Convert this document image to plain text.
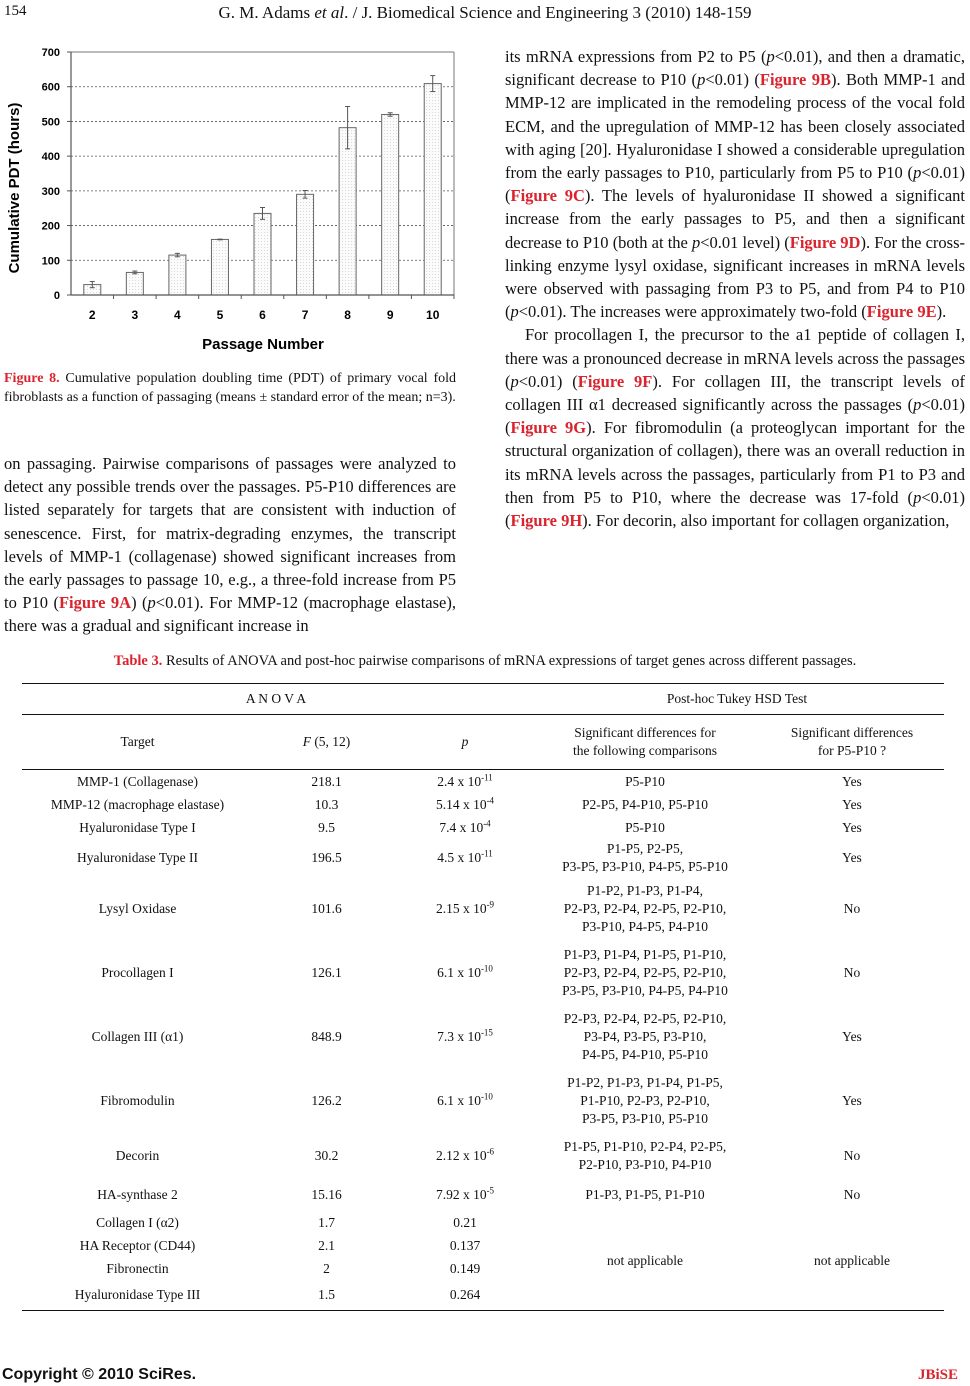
154	G. M. Adams et al. / J. Biomedical Science and Engineering 3 (2010) 148-159
0
100
200
300
400
500
600
700
2	3	4	5	6	7	8	9	10
Cumulative PDT (hours)
Passage Number
Figure 8. Cumulative population doubling time (PDT) of primary vocal fold fibroblasts as a function of passaging (means ± standard error of the mean; n=3).

on passaging. Pairwise comparisons of passages were analyzed to detect any possible trends over the passages. P5-P10 differences are listed separately for targets that are consistent with induction of senescence. First, for matrix-degrading enzymes, the transcript levels of MMP-1 (collagenase) showed significant increases from the early passages to passage 10, e.g., a three-fold increase from P5 to P10 (Figure 9A) (p<0.01). For MMP-12 (macrophage elastase), there was a gradual and significant increase in

its mRNA expressions from P2 to P5 (p<0.01), and then a dramatic, significant decrease to P10 (p<0.01) (Figure 9B). Both MMP-1 and MMP-12 are implicated in the remodeling process of the vocal fold ECM, and the upregulation of MMP-12 has been closely associated with aging [20]. Hyaluronidase I showed a considerable upregulation from the early passages to P10, particularly from P5 to P10 (p<0.01) (Figure 9C). The levels of hyaluronidase II showed a significant increase from the early passages to P5, and then a significant decrease to P10 (both at the p<0.01 level) (Figure 9D). For the cross-linking enzyme lysyl oxidase, significant increases in mRNA levels were observed with passaging from P3 to P5, and from P4 to P10 (p<0.01). The increases were approximately two-fold (Figure 9E).

For procollagen I, the precursor to the a1 peptide of collagen I, there was a pronounced decrease in mRNA levels across the passages (p<0.01) (Figure 9F). For collagen III, the transcript levels of collagen III α1 decreased significantly across the passages (p<0.01) (Figure 9G). For fibromodulin (a proteoglycan important for the structural organization of collagen), there was an overall reduction in its mRNA levels across the passages, particularly from P1 to P3 and then from P5 to P10, where the decrease was 17-fold (p<0.01) (Figure 9H). For decorin, also important for collagen organization,

Table 3. Results of ANOVA and post-hoc pairwise comparisons of mRNA expressions of target genes across different passages.
A N O V A			Post-hoc Tukey HSD Test	
Target	F (5, 12)	p	Significant differences for
the following comparisons	Significant differences
for P5-P10 ?
MMP-1 (Collagenase)	218.1	2.4 x $10^{-11}$	P5-P10	Yes
MMP-12 (macrophage elastase)	10.3	5.14 x $10^{-4}$	P2-P5, P4-P10, P5-P10	Yes
Hyaluronidase Type I	9.5	7.4 x $10^{-4}$	P5-P10	Yes
Hyaluronidase Type II	196.5	4.5 x $10^{-11}$	P1-P5, P2-P5,
P3-P5, P3-P10, P4-P5, P5-P10	Yes
Lysyl Oxidase	101.6	2.15 x $10^{-9}$	P1-P2, P1-P3, P1-P4,
P2-P3, P2-P4, P2-P5, P2-P10,
P3-P10, P4-P5, P4-P10	No
Procollagen I	126.1	6.1 x $10^{-10}$	P1-P3, P1-P4, P1-P5, P1-P10,
P2-P3, P2-P4, P2-P5, P2-P10,
P3-P5, P3-P10, P4-P5, P4-P10	No
Collagen III (α1)	848.9	7.3 x $10^{-15}$	P2-P3, P2-P4, P2-P5, P2-P10,
P3-P4, P3-P5, P3-P10,
P4-P5, P4-P10, P5-P10	Yes
Fibromodulin	126.2	6.1 x $10^{-10}$	P1-P2, P1-P3, P1-P4, P1-P5,
P1-P10, P2-P3, P2-P10,
P3-P5, P3-P10, P5-P10	Yes
Decorin	30.2	2.12 x $10^{-6}$	P1-P5, P1-P10, P2-P4, P2-P5,
P2-P10, P3-P10, P4-P10	No
HA-synthase 2	15.16	7.92 x $10^{-5}$	P1-P3, P1-P5, P1-P10	No
Collagen I (α2)	1.7	0.21	not applicable	not applicable
HA Receptor (CD44)	2.1	0.137		
Fibronectin	2	0.149		
Hyaluronidase Type III	1.5	0.264		
Copyright © 2010 SciRes.	JBiSE
